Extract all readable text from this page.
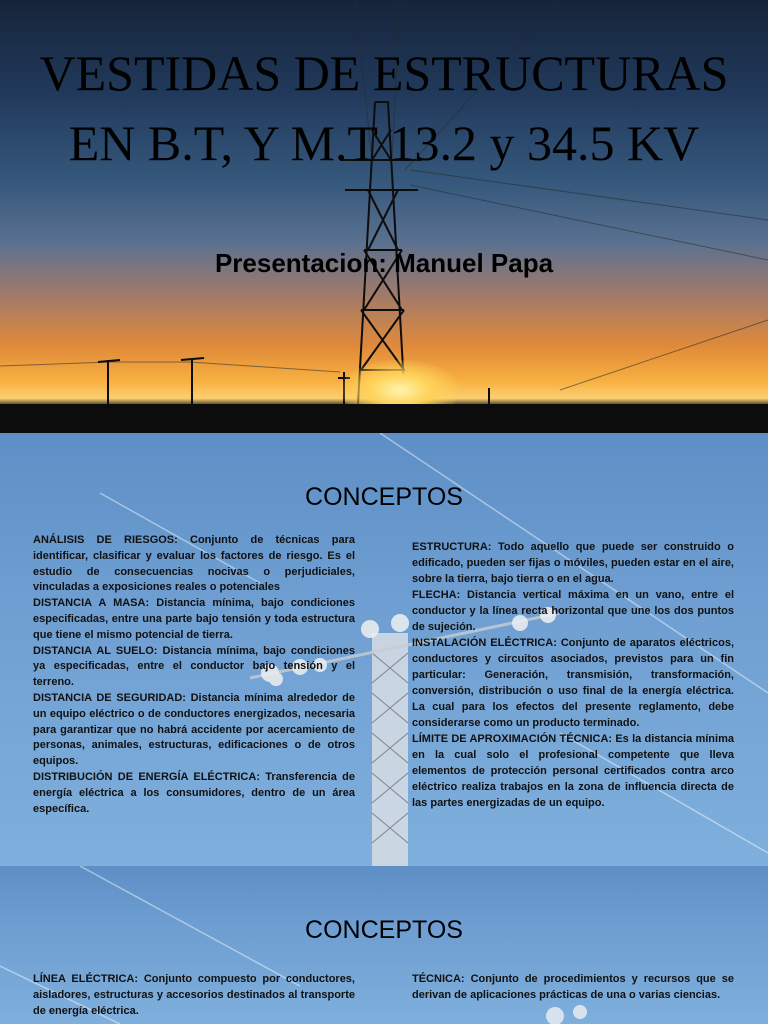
VESTIDAS DE ESTRUCTURAS EN B.T, Y M.T 13.2 y 34.5 KV

Presentacion: Manuel Papa

CONCEPTOS

ANÁLISIS DE RIESGOS: Conjunto de técnicas para identificar, clasificar y evaluar los factores de riesgo. Es el estudio de consecuencias nocivas o perjudiciales, vinculadas a exposiciones reales o potenciales

DISTANCIA A MASA: Distancia mínima, bajo condiciones especificadas, entre una parte bajo tensión y toda estructura que tiene el mismo potencial de tierra.

DISTANCIA AL SUELO: Distancia mínima, bajo condiciones ya especificadas, entre el conductor bajo tensión y el terreno.

DISTANCIA DE SEGURIDAD: Distancia mínima alrededor de un equipo eléctrico o de conductores energizados, necesaria para garantizar que no habrá accidente por acercamiento de personas, animales, estructuras, edificaciones o de otros equipos.

DISTRIBUCIÓN DE ENERGÍA ELÉCTRICA: Transferencia de energía eléctrica a los consumidores, dentro de un área específica.

ESTRUCTURA: Todo aquello que puede ser construido o edificado, pueden ser fijas o móviles, pueden estar en el aire, sobre la tierra, bajo tierra o en el agua.

FLECHA: Distancia vertical máxima en un vano, entre el conductor y la línea recta horizontal que une los dos puntos de sujeción.

INSTALACIÓN ELÉCTRICA: Conjunto de aparatos eléctricos, conductores y circuitos asociados, previstos para un fin particular: Generación, transmisión, transformación, conversión, distribución o uso final de la energía eléctrica. La cual para los efectos del presente reglamento, debe considerarse como un producto terminado.

LÍMITE DE APROXIMACIÓN TÉCNICA: Es la distancia mínima en la cual solo el profesional competente que lleva elementos de protección personal certificados contra arco eléctrico realiza trabajos en la zona de influencia directa de las partes energizadas de un equipo.

CONCEPTOS

LÍNEA ELÉCTRICA: Conjunto compuesto por conductores, aisladores, estructuras y accesorios destinados al transporte de energía eléctrica.

TÉCNICA: Conjunto de procedimientos y recursos que se derivan de aplicaciones prácticas de una o varias ciencias.
